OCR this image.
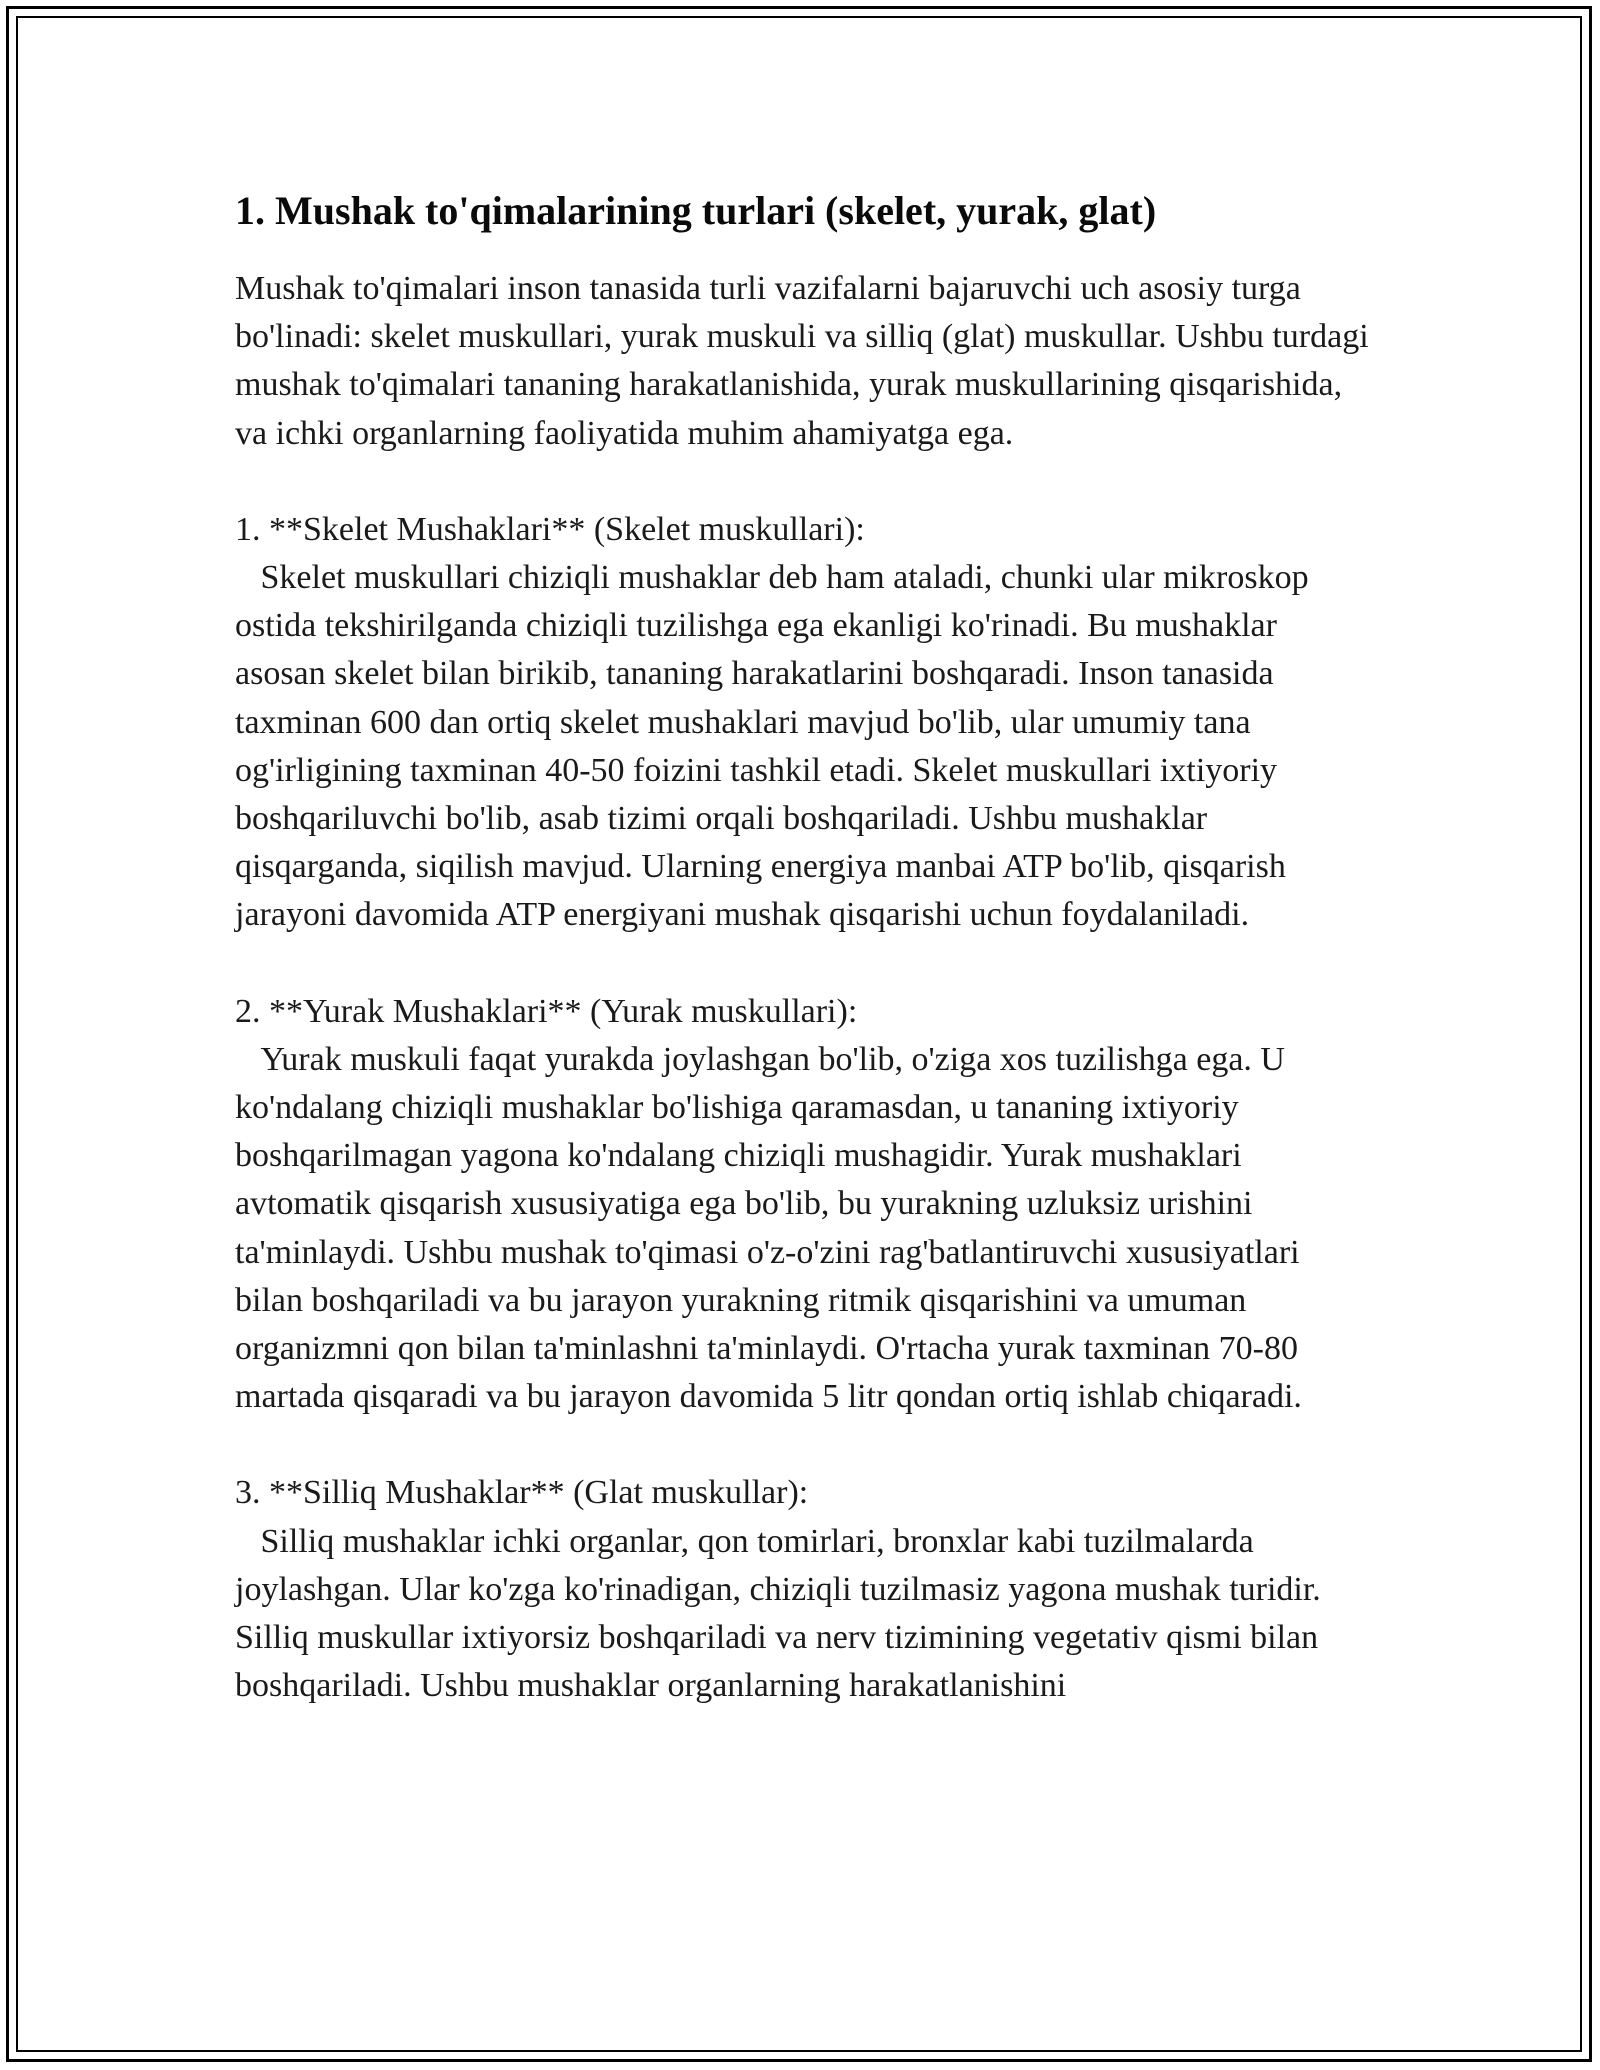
1. Mushak to'qimalarining turlari (skelet, yurak, glat)

Mushak to'qimalari inson tanasida turli vazifalarni bajaruvchi uch asosiy turga bo'linadi: skelet muskullari, yurak muskuli va silliq (glat) muskullar. Ushbu turdagi mushak to'qimalari tananing harakatlanishida, yurak muskullarining qisqarishida, va ichki organlarning faoliyatida muhim ahamiyatga ega.

1. **Skelet Mushaklari** (Skelet muskullari):

Skelet muskullari chiziqli mushaklar deb ham ataladi, chunki ular mikroskop ostida tekshirilganda chiziqli tuzilishga ega ekanligi ko'rinadi. Bu mushaklar asosan skelet bilan birikib, tananing harakatlarini boshqaradi. Inson tanasida taxminan 600 dan ortiq skelet mushaklari mavjud bo'lib, ular umumiy tana og'irligining taxminan 40-50 foizini tashkil etadi. Skelet muskullari ixtiyoriy boshqariluvchi bo'lib, asab tizimi orqali boshqariladi. Ushbu mushaklar qisqarganda, siqilish mavjud. Ularning energiya manbai ATP bo'lib, qisqarish jarayoni davomida ATP energiyani mushak qisqarishi uchun foydalaniladi.

2. **Yurak Mushaklari** (Yurak muskullari):

Yurak muskuli faqat yurakda joylashgan bo'lib, o'ziga xos tuzilishga ega. U ko'ndalang chiziqli mushaklar bo'lishiga qaramasdan, u tananing ixtiyoriy boshqarilmagan yagona ko'ndalang chiziqli mushagidir. Yurak mushaklari avtomatik qisqarish xususiyatiga ega bo'lib, bu yurakning uzluksiz urishini ta'minlaydi. Ushbu mushak to'qimasi o'z-o'zini rag'batlantiruvchi xususiyatlari bilan boshqariladi va bu jarayon yurakning ritmik qisqarishini va umuman organizmni qon bilan ta'minlashni ta'minlaydi. O'rtacha yurak taxminan 70-80 martada qisqaradi va bu jarayon davomida 5 litr qondan ortiq ishlab chiqaradi.

3. **Silliq Mushaklar** (Glat muskullar):

Silliq mushaklar ichki organlar, qon tomirlari, bronxlar kabi tuzilmalarda joylashgan. Ular ko'zga ko'rinadigan, chiziqli tuzilmasiz yagona mushak turidir. Silliq muskullar ixtiyorsiz boshqariladi va nerv tizimining vegetativ qismi bilan boshqariladi. Ushbu mushaklar organlarning harakatlanishini
